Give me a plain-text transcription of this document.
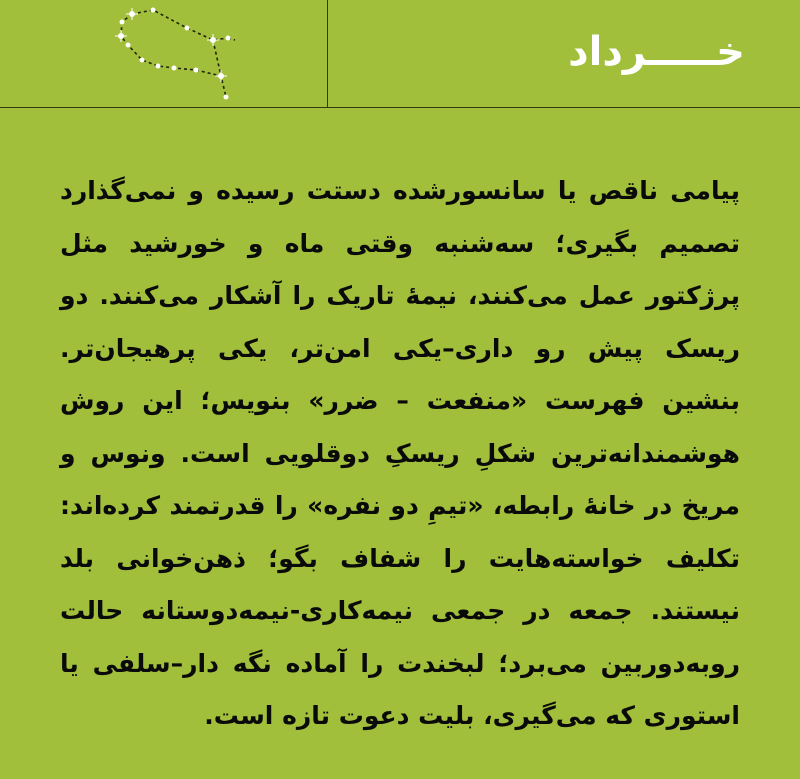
خـــــرداد

پیامی ناقص یا سانسورشده دستت رسیده و نمی‌گذارد تصمیم بگیری؛ سه‌شنبه وقتی ماه و خورشید مثل پرژکتور عمل می‌کنند، نیمهٔ تاریک را آشکار می‌کنند. دو ریسک پیش رو داری–یکی امن‌تر، یکی پرهیجان‌تر. بنشین فهرست «منفعت – ضرر» بنویس؛ این روش هوشمندانه‌ترین شکلِ ریسکِ دوقلویی است. ونوس و مریخ در خانهٔ رابطه، «تیمِ دو نفره» را قدرتمند کرده‌اند: تکلیف خواسته‌هایت را شفاف بگو؛ ذهن‌خوانی بلد نیستند. جمعه در جمعی نیمه‌کاری-نیمه‌دوستانه حالت روبه‌دوربین می‌برد؛ لبخندت را آماده نگه دار–سلفی یا استوری که می‌گیری، بلیت دعوت تازه است.
